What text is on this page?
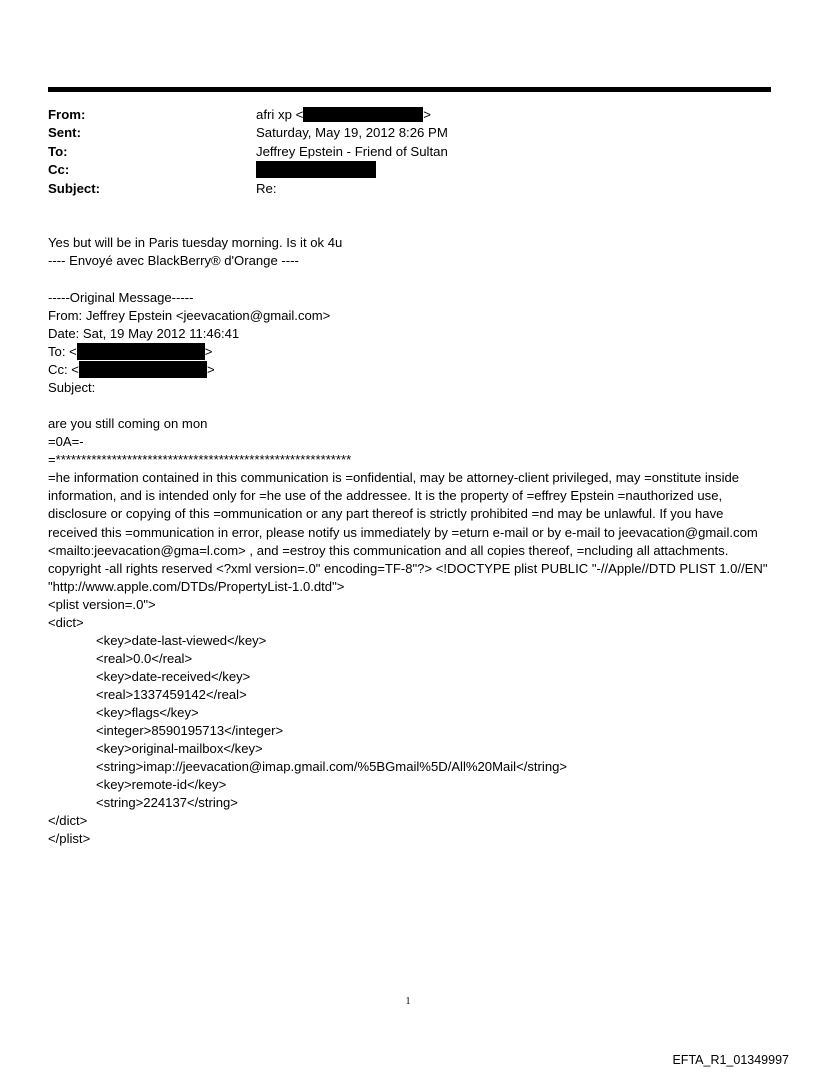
From:	afri xp <	>
Sent:	Saturday, May 19, 2012 8:26 PM
To:	Jeffrey Epstein - Friend of Sultan
Cc:
Subject:	Re:
Yes but will be in Paris tuesday morning. Is it ok 4u
---- Envoyé avec BlackBerry® d'Orange ----
-----Original Message-----
From: Jeffrey Epstein <jeevacation@gmail.com>
Date: Sat, 19 May 2012 11:46:41
To: <	>
Cc: <	>
Subject:
are you still coming on mon
=0A=-
=**********************************************************
=he information contained in this communication is =onfidential, may be attorney-client privileged, may =onstitute inside information, and is intended only for =he use of the addressee. It is the property of =effrey Epstein =nauthorized use, disclosure or copying of this =ommunication or any part thereof is strictly prohibited =nd may be unlawful. If you have received this =ommunication in error, please notify us immediately by =eturn e-mail or by e-mail to jeevacation@gmail.com <mailto:jeevacation@gma=l.com> , and =estroy this communication and all copies thereof, =ncluding all attachments. copyright -all rights reserved <?xml version=.0" encoding=TF-8"?> <!DOCTYPE plist PUBLIC "-//Apple//DTD PLIST 1.0//EN" "http://www.apple.com/DTDs/PropertyList-1.0.dtd">
<plist version=.0">
<dict>
<key>date-last-viewed</key>
<real>0.0</real>
<key>date-received</key>
<real>1337459142</real>
<key>flags</key>
<integer>8590195713</integer>
<key>original-mailbox</key>
<string>imap://jeevacation@imap.gmail.com/%5BGmail%5D/All%20Mail</string>
<key>remote-id</key>
<string>224137</string>
</dict>
</plist>
1
EFTA_R1_01349997
